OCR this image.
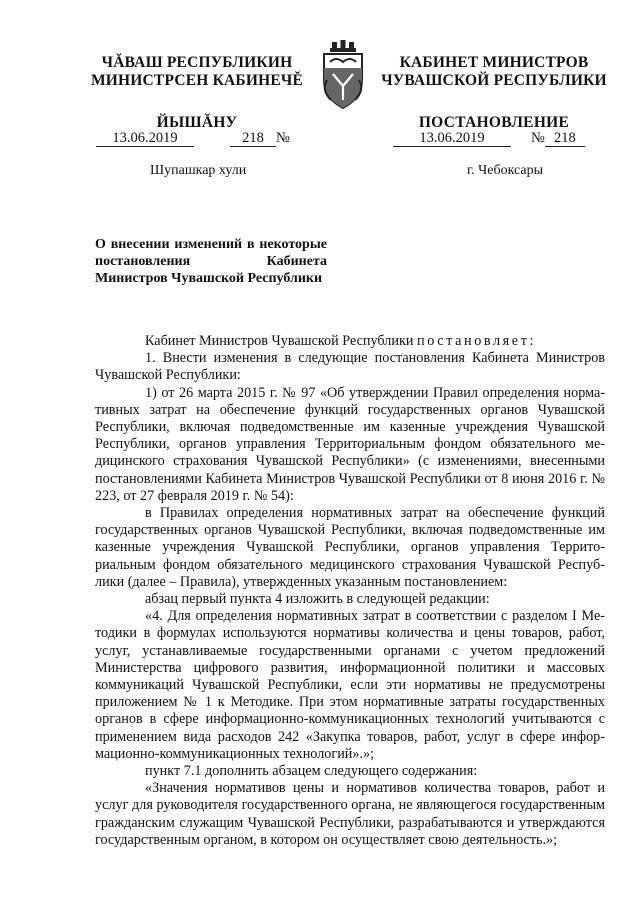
ЧĂВАШ РЕСПУБЛИКИН
МИНИСТРСЕН КАБИНЕЧĚ
ЙЫШĂНУ
КАБИНЕТ МИНИСТРОВ
ЧУВАШСКОЙ РЕСПУБЛИКИ
ПОСТАНОВЛЕНИЕ
13.06.2019	218 №	13.06.2019	№ 218
Шупашкар хули	г. Чебоксары
О внесении изменений в некоторые постановления Кабинета Министров Чувашской Республики

Кабинет Министров Чувашской Республики постановляет:

1. Внести изменения в следующие постановления Кабинета Министров Чувашской Республики:

1) от 26 марта 2015 г. № 97 «Об утверждении Правил определения нормативных затрат на обеспечение функций государственных органов Чувашской Республики, включая подведомственные им казенные учреждения Чувашской Республики, органов управления Территориальным фондом обязательного медицинского страхования Чувашской Республики» (с изменениями, внесенными постановлениями Кабинета Министров Чувашской Республики от 8 июня 2016 г. № 223, от 27 февраля 2019 г. № 54):

в Правилах определения нормативных затрат на обеспечение функций государственных органов Чувашской Республики, включая подведомственные им казенные учреждения Чувашской Республики, органов управления Территориальным фондом обязательного медицинского страхования Чувашской Республики (далее – Правила), утвержденных указанным постановлением:

абзац первый пункта 4 изложить в следующей редакции:

«4. Для определения нормативных затрат в соответствии с разделом I Методики в формулах используются нормативы количества и цены товаров, работ, услуг, устанавливаемые государственными органами с учетом предложений Министерства цифрового развития, информационной политики и массовых коммуникаций Чувашской Республики, если эти нормативы не предусмотрены приложением № 1 к Методике. При этом нормативные затраты государственных органов в сфере информационно-коммуникационных технологий учитываются с применением вида расходов 242 «Закупка товаров, работ, услуг в сфере информационно-коммуникационных технологий».»;

пункт 7.1 дополнить абзацем следующего содержания:

«Значения нормативов цены и нормативов количества товаров, работ и услуг для руководителя государственного органа, не являющегося государственным гражданским служащим Чувашской Республики, разрабатываются и утверждаются государственным органом, в котором он осуществляет свою деятельность.»;
